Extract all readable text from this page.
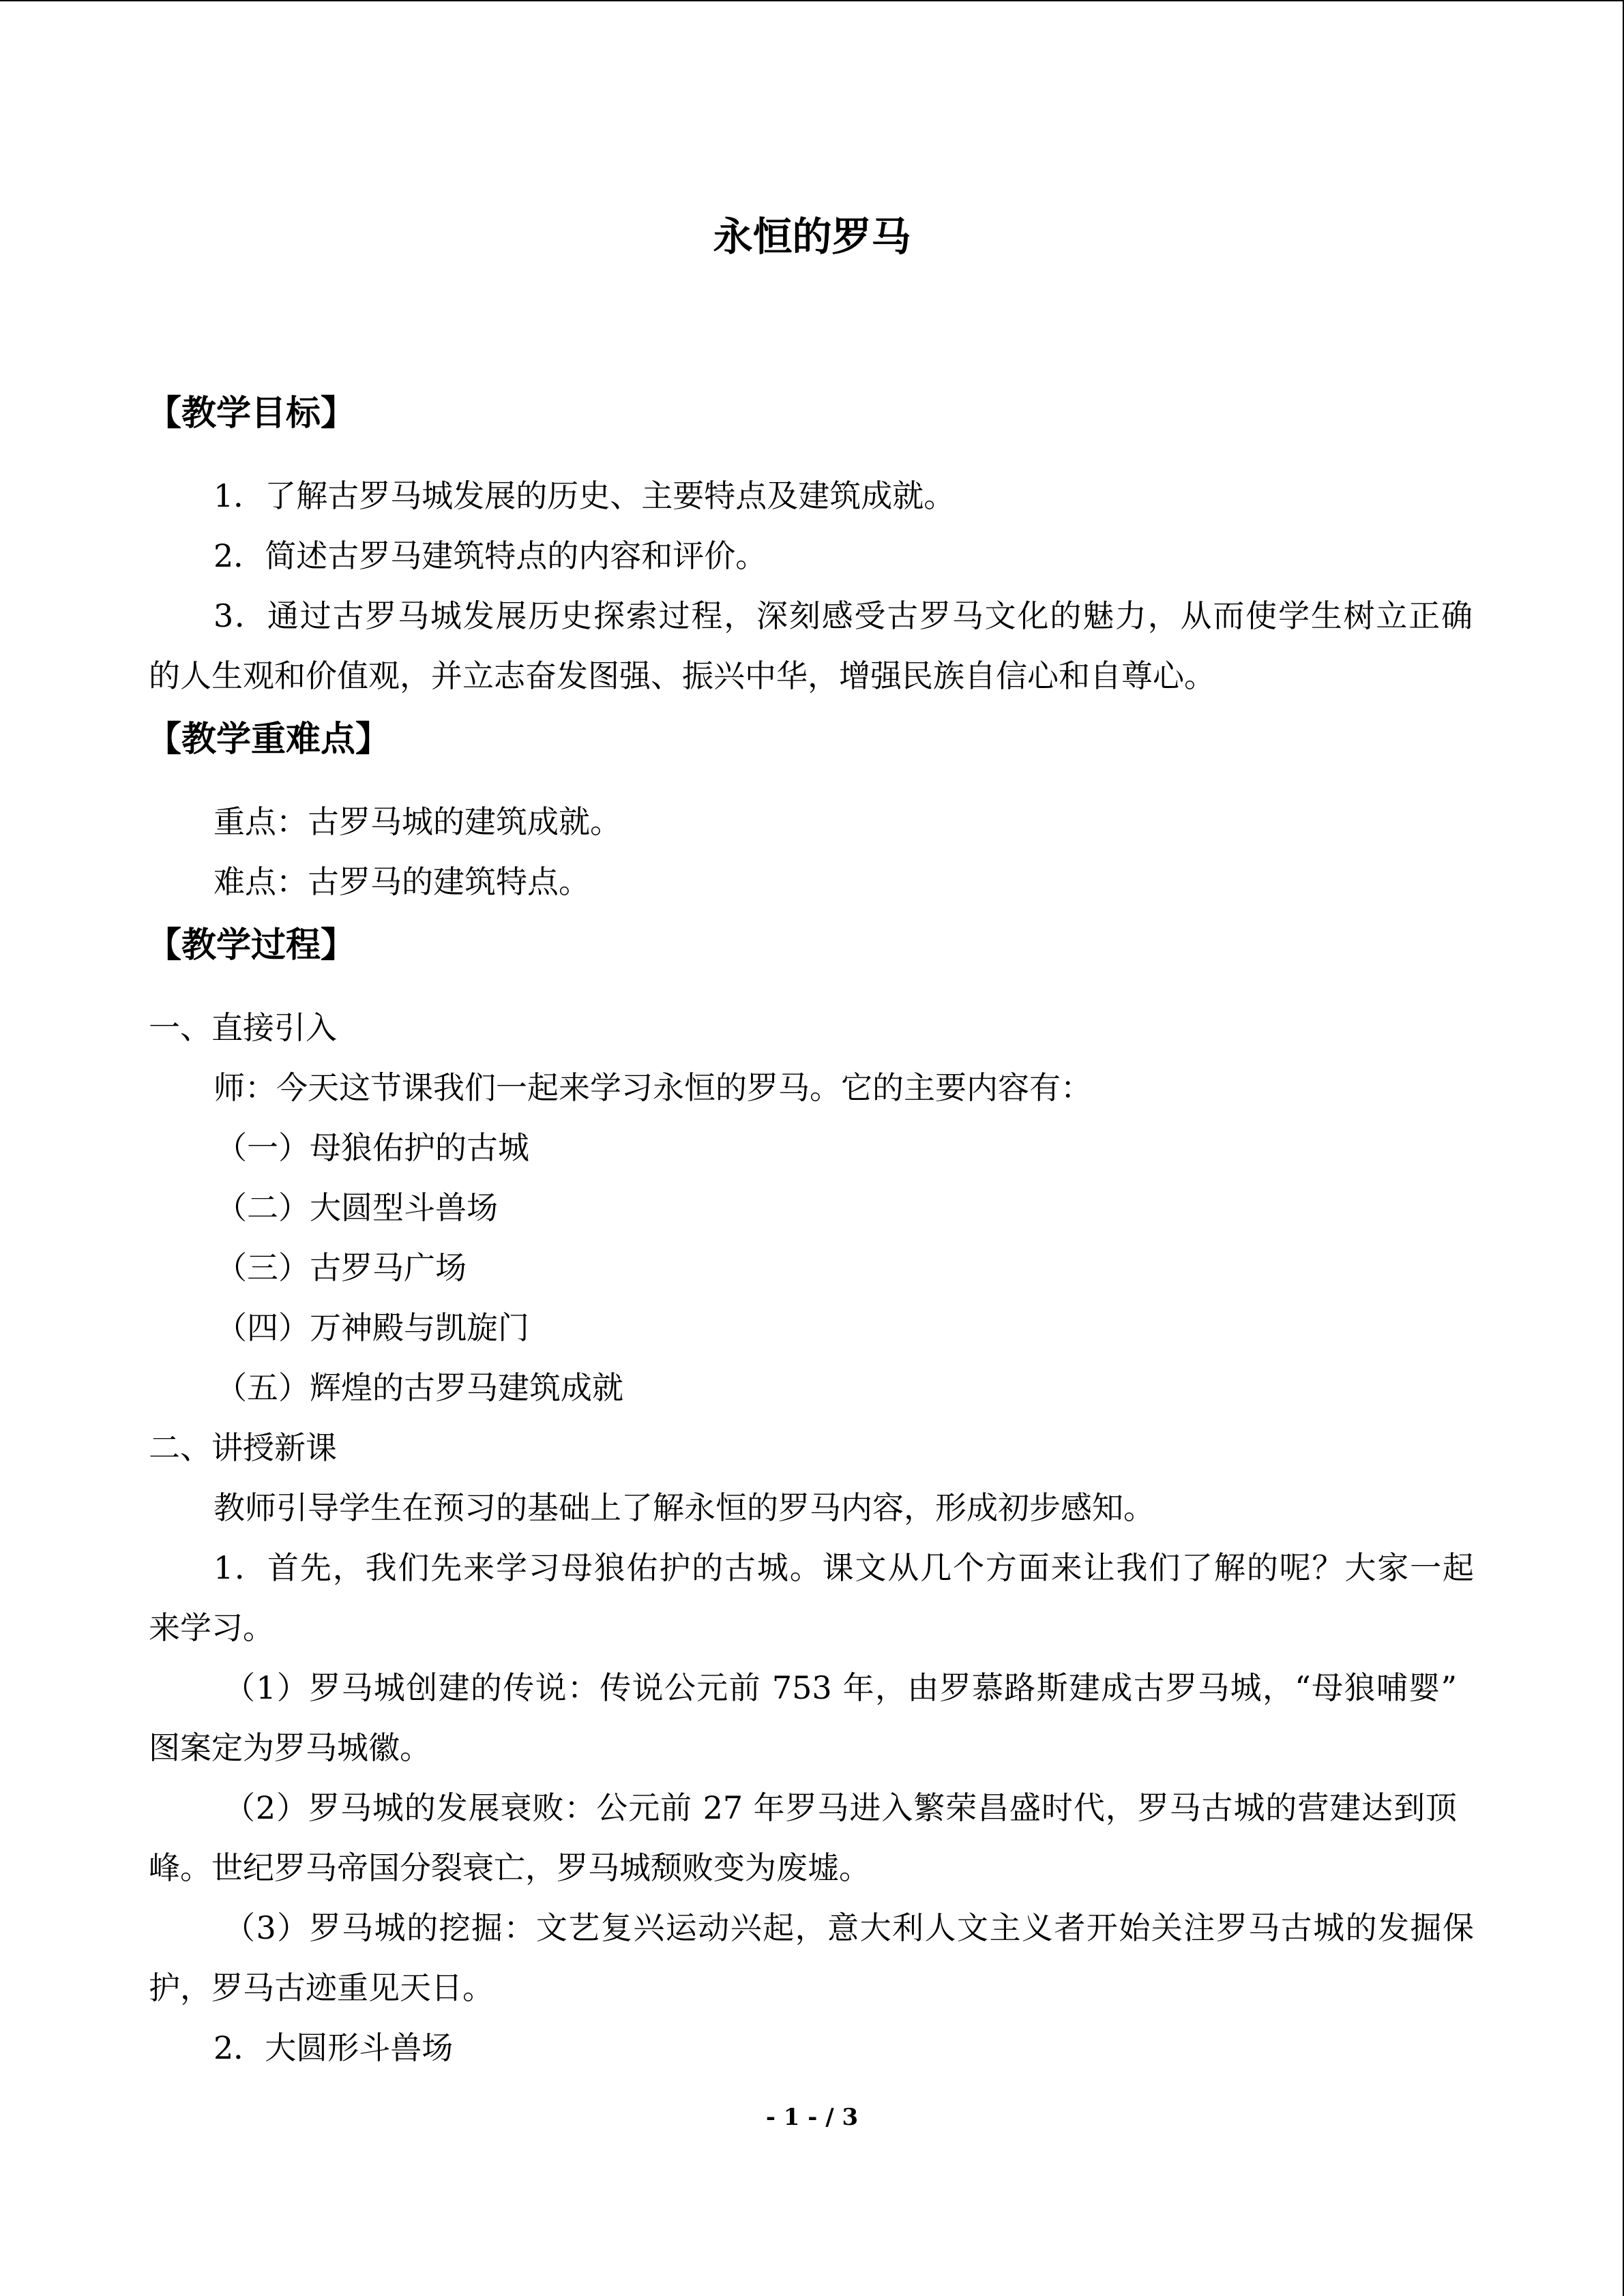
永恒的罗马
【教学目标】
1．了解古罗马城发展的历史、主要特点及建筑成就。
2．简述古罗马建筑特点的内容和评价。
3．通过古罗马城发展历史探索过程，深刻感受古罗马文化的魅力，从而使学生树立正确
的人生观和价值观，并立志奋发图强、振兴中华，增强民族自信心和自尊心。
【教学重难点】
重点：古罗马城的建筑成就。
难点：古罗马的建筑特点。
【教学过程】
一、直接引入
师：今天这节课我们一起来学习永恒的罗马。它的主要内容有：
（一）母狼佑护的古城
（二）大圆型斗兽场
（三）古罗马广场
（四）万神殿与凯旋门
（五）辉煌的古罗马建筑成就
二、讲授新课
教师引导学生在预习的基础上了解永恒的罗马内容，形成初步感知。
1．首先，我们先来学习母狼佑护的古城。课文从几个方面来让我们了解的呢？大家一起
来学习。
（1）罗马城创建的传说：传说公元前 753 年，由罗慕路斯建成古罗马城，“母狼哺婴”
图案定为罗马城徽。
（2）罗马城的发展衰败：公元前 27 年罗马进入繁荣昌盛时代，罗马古城的营建达到顶
峰。世纪罗马帝国分裂衰亡，罗马城颓败变为废墟。
（3）罗马城的挖掘：文艺复兴运动兴起，意大利人文主义者开始关注罗马古城的发掘保
护，罗马古迹重见天日。
2．大圆形斗兽场
- 1 - / 3
